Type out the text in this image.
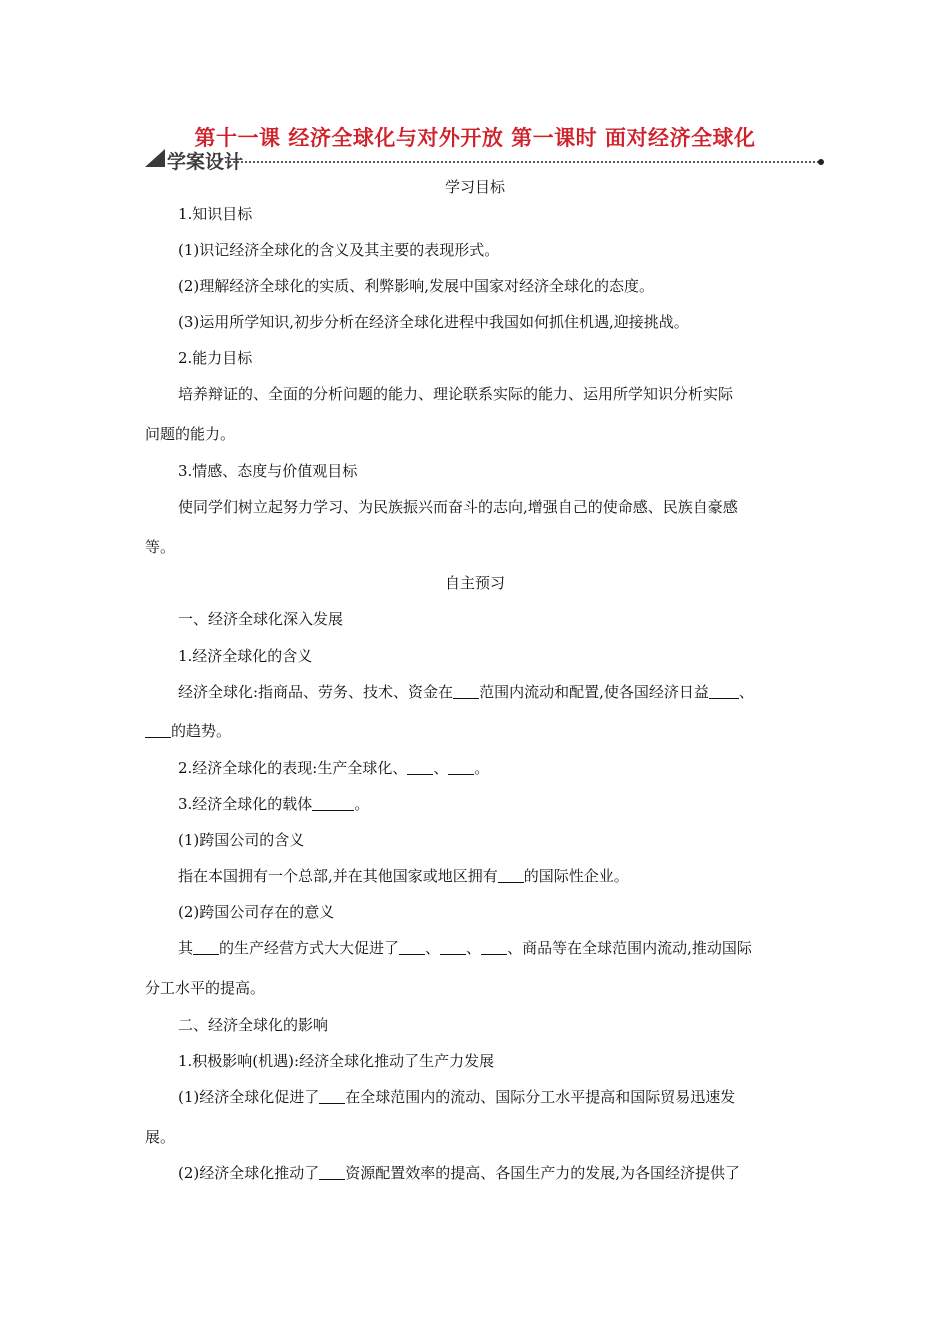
第十一课 经济全球化与对外开放 第一课时 面对经济全球化
学案设计
学习目标
1.知识目标
(1)识记经济全球化的含义及其主要的表现形式。
(2)理解经济全球化的实质、利弊影响,发展中国家对经济全球化的态度。
(3)运用所学知识,初步分析在经济全球化进程中我国如何抓住机遇,迎接挑战。
2.能力目标
培养辩证的、全面的分析问题的能力、理论联系实际的能力、运用所学知识分析实际
问题的能力。
3.情感、态度与价值观目标
使同学们树立起努力学习、为民族振兴而奋斗的志向,增强自己的使命感、民族自豪感
等。
自主预习
一、经济全球化深入发展
1.经济全球化的含义
经济全球化:指商品、劳务、技术、资金在 范围内流动和配置,使各国经济日益 、
的趋势。
2.经济全球化的表现:生产全球化、 、 。
3.经济全球化的载体	。
(1)跨国公司的含义
指在本国拥有一个总部,并在其他国家或地区拥有 的国际性企业。
(2)跨国公司存在的意义
其 的生产经营方式大大促进了 、 、 、商品等在全球范围内流动,推动国际
分工水平的提高。
二、经济全球化的影响
1.积极影响(机遇):经济全球化推动了生产力发展
(1)经济全球化促进了 在全球范围内的流动、国际分工水平提高和国际贸易迅速发
展。
(2)经济全球化推动了 资源配置效率的提高、各国生产力的发展,为各国经济提供了
